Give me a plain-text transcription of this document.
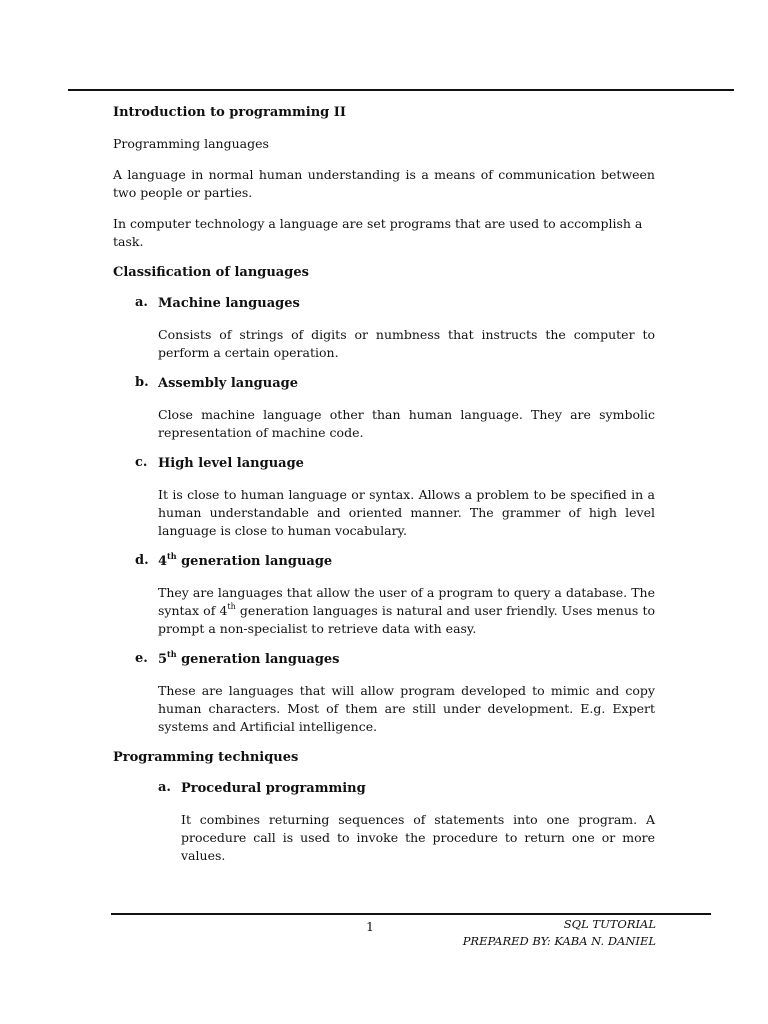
Introduction to programming II

Programming languages

A language in normal human understanding is a means of communication between two people or parties.

In computer technology a language are set programs that are used to accomplish a task.

Classification of languages
a. Machine languages

Consists of strings of digits or numbness that instructs the computer to perform a certain operation.

b. Assembly language

Close machine language other than human language. They are symbolic representation of machine code.

c. High level language

It is close to human language or syntax. Allows a problem to be specified in a human understandable and oriented manner. The grammer of high level language is close to human vocabulary.

d. 4th generation language

They are languages that allow the user of a program to query a database. The syntax of 4th generation languages is natural and user friendly. Uses menus to prompt a non-specialist to retrieve data with easy.

e. 5th generation languages

These are languages that will allow program developed to mimic and copy human characters. Most of them are still under development. E.g. Expert systems and Artificial intelligence.

Programming techniques
a. Procedural programming

It combines returning sequences of statements into one program. A procedure call is used to invoke the procedure to return one or more values.

1	SQL TUTORIAL
PREPARED BY: KABA N. DANIEL
